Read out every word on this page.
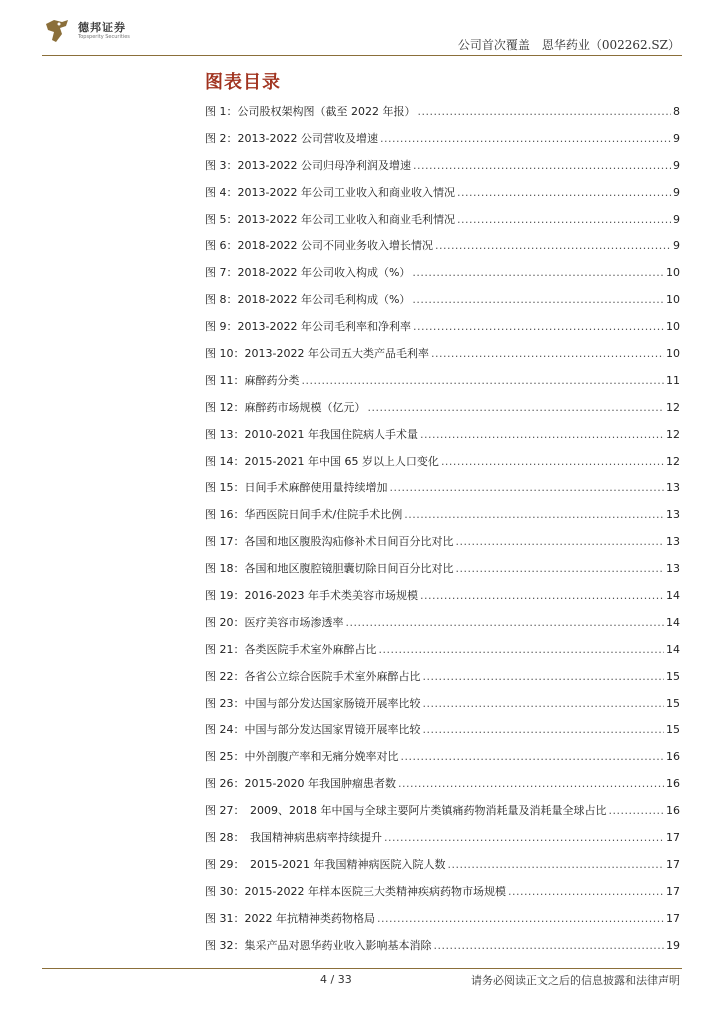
德邦证券
Topsperity Securities
公司首次覆盖　恩华药业（002262.SZ）
图表目录
图 1：公司股权架构图（截至 2022 年报） .....	8
图 2：2013-2022 公司营收及增速 .....	9
图 3：2013-2022 公司归母净利润及增速 .....	9
图 4：2013-2022 年公司工业收入和商业收入情况 .....	9
图 5：2013-2022 年公司工业收入和商业毛利情况 .....	9
图 6：2018-2022 公司不同业务收入增长情况 .....	9
图 7：2018-2022 年公司收入构成（%） .....	10
图 8：2018-2022 年公司毛利构成（%） .....	10
图 9：2013-2022 年公司毛利率和净利率 .....	10
图 10：2013-2022 年公司五大类产品毛利率 .....	10
图 11：麻醉药分类 .....	11
图 12：麻醉药市场规模（亿元） .....	12
图 13：2010-2021 年我国住院病人手术量 .....	12
图 14：2015-2021 年中国 65 岁以上人口变化 .....	12
图 15：日间手术麻醉使用量持续增加 .....	13
图 16：华西医院日间手术/住院手术比例 .....	13
图 17：各国和地区腹股沟疝修补术日间百分比对比 .....	13
图 18：各国和地区腹腔镜胆囊切除日间百分比对比 .....	13
图 19：2016-2023 年手术类美容市场规模 .....	14
图 20：医疗美容市场渗透率 .....	14
图 21：各类医院手术室外麻醉占比 .....	14
图 22：各省公立综合医院手术室外麻醉占比 .....	15
图 23：中国与部分发达国家肠镜开展率比较 .....	15
图 24：中国与部分发达国家胃镜开展率比较 .....	15
图 25：中外剖腹产率和无痛分娩率对比 .....	16
图 26：2015-2020 年我国肿瘤患者数 .....	16
图 27：　2009、2018 年中国与全球主要阿片类镇痛药物消耗量及消耗量全球占比 .....	16
图 28：　我国精神病患病率持续提升 .....	17
图 29：　2015-2021 年我国精神病医院入院人数 .....	17
图 30：2015-2022 年样本医院三大类精神疾病药物市场规模 .....	17
图 31：2022 年抗精神类药物格局 .....	17
图 32：集采产品对恩华药业收入影响基本消除 .....	19
4 / 33	请务必阅读正文之后的信息披露和法律声明
